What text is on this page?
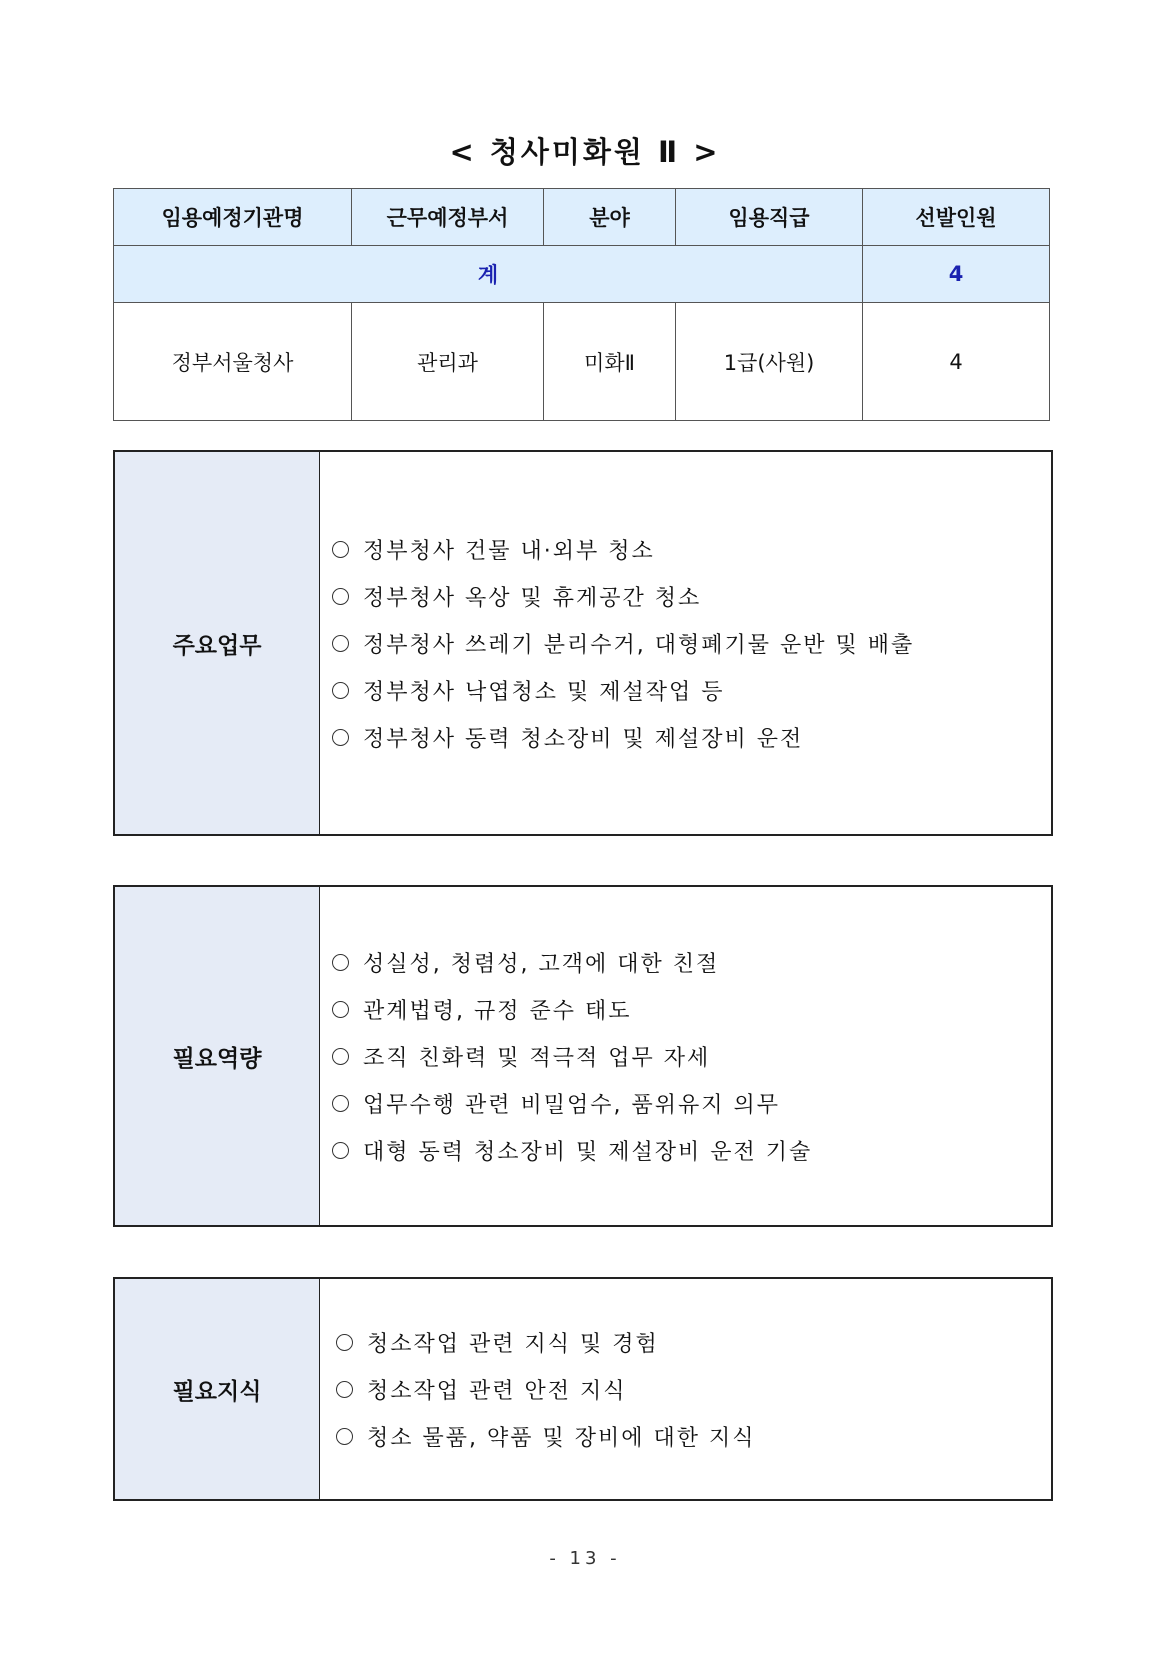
< 청사미화원 Ⅱ >
임용예정기관명	근무예정부서	분야	임용직급	선발인원
계				4
정부서울청사	관리과	미화Ⅱ	1급(사원)	4
주요업무
정부청사 건물 내·외부 청소
정부청사 옥상 및 휴게공간 청소
정부청사 쓰레기 분리수거, 대형폐기물 운반 및 배출
정부청사 낙엽청소 및 제설작업 등
정부청사 동력 청소장비 및 제설장비 운전
필요역량
성실성, 청렴성, 고객에 대한 친절
관계법령, 규정 준수 태도
조직 친화력 및 적극적 업무 자세
업무수행 관련 비밀엄수, 품위유지 의무
대형 동력 청소장비 및 제설장비 운전 기술
필요지식
청소작업 관련 지식 및 경험
청소작업 관련 안전 지식
청소 물품, 약품 및 장비에 대한 지식
- 13 -
